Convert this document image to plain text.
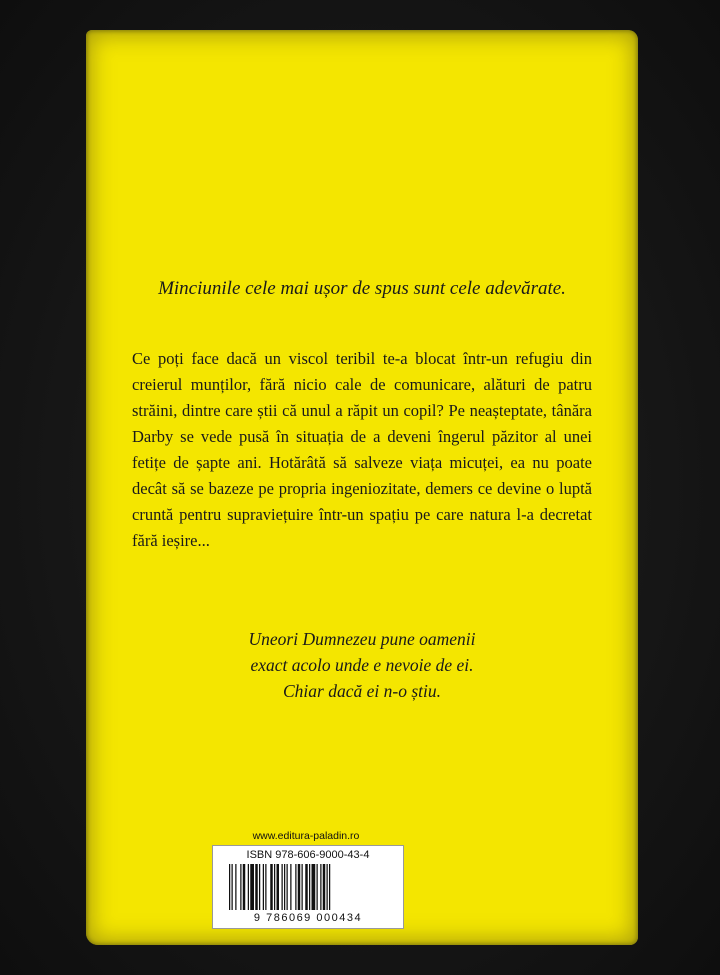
Minciunile cele mai ușor de spus sunt cele adevărate.
Ce poți face dacă un viscol teribil te-a blocat într-un refugiu din creierul munților, fără nicio cale de comunicare, alături de patru străini, dintre care știi că unul a răpit un copil? Pe neașteptate, tânăra Darby se vede pusă în situația de a deveni îngerul păzitor al unei fetițe de șapte ani. Hotărâtă să salveze viața micuței, ea nu poate decât să se bazeze pe propria ingeniozitate, demers ce devine o luptă cruntă pentru supraviețuire într-un spațiu pe care natura l-a decretat fără ieșire...
Uneori Dumnezeu pune oamenii
exact acolo unde e nevoie de ei.
Chiar dacă ei n-o știu.
www.editura-paladin.ro
ISBN 978-606-9000-43-4
9 786069 000434
